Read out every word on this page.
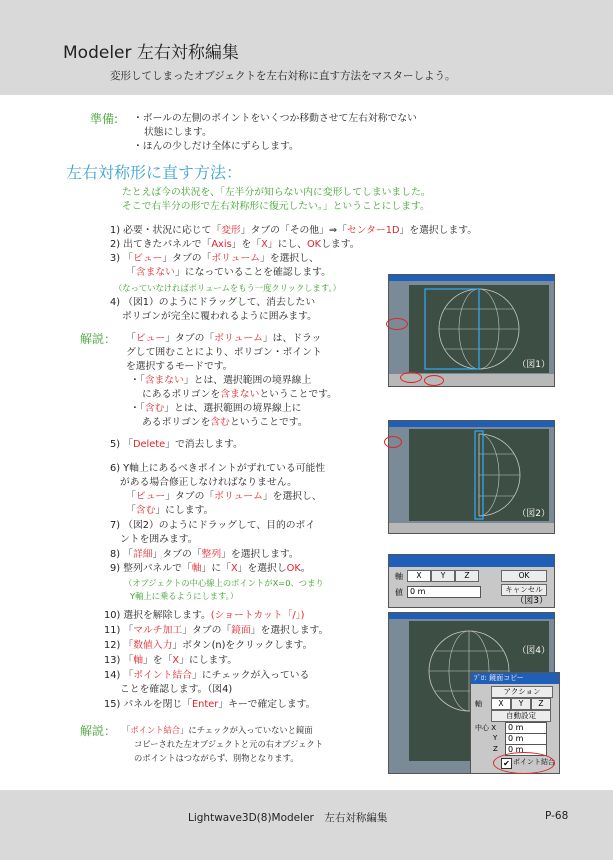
Modeler 左右対称編集
変形してしまったオブジェクトを左右対称に直す方法をマスターしよう。
準備: ・ボールの左側のポイントをいくつか移動させて左右対称でない
状態にします。
・ほんの少しだけ全体にずらします。
左右対称形に直す方法：
たとえば今の状況を、「左半分が知らない内に変形してしまいました。
そこで右半分の形で左右対称形に復元したい。」ということにします。
1) 必要・状況に応じて「変形」タブの「その他」⇒「センター1D」を選択します。
2) 出てきたパネルで「Axis」を「X」にし、OKします。
3) 「ビュー」タブの「ボリューム」を選択し、
「含まない」になっていることを確認します。
（なっていなければボリュームをもう一度クリックします。）
4) （図1）のようにドラッグして、消去したい
ポリゴンが完全に覆われるように囲みます。
解説： 「ビュー」タブの「ボリューム」は、ドラッ
グして囲むことにより、ポリゴン・ポイント
を選択するモードです。
・「含まない」とは、選択範囲の境界線上
にあるポリゴンを含まないということです。
・「含む」とは、選択範囲の境界線上に
あるポリゴンを含むということです。
5) 「Delete」で消去します。
6) Y軸上にあるべきポイントがずれている可能性
がある場合修正しなければなりません。
「ビュー」タブの「ボリューム」を選択し、
「含む」にします。
7) （図2）のようにドラッグして、目的のポイ
ントを囲みます。
8) 「詳細」タブの「整列」を選択します。
9) 整列パネルで「軸」に「X」を選択しOK。
（オブジェクトの中心線上のポイントがX=0、つまり
Y軸上に乗るようにします。）
10) 選択を解除します。(ショートカット「/」)
11) 「マルチ加工」タブの「鏡面」を選択します。
12) 「数値入力」ボタン(n)をクリックします。
13) 「軸」を「X」にします。
14) 「ポイント結合」にチェックが入っている
ことを確認します。（図4)
15) パネルを閉じ「Enter」キーで確定します。
解説： 「ポイント結合」にチェックが入っていないと鏡面
コピーされた左オブジェクトと元の右オブジェクト
のポイントはつながらず、別物となります。
（図1）
（図2）
軸	X	Y	Z
値 0 m
OK
キャンセル
（図3）
（図4）
ﾌﾟﾛ: 鏡面コピー
アクション
軸	X	Y	Z
自動設定
中心 X	0 m
Y	0 m
Z	0 m
✔ ポイント結合
Lightwave3D(8)Modeler　左右対称編集	P-68
